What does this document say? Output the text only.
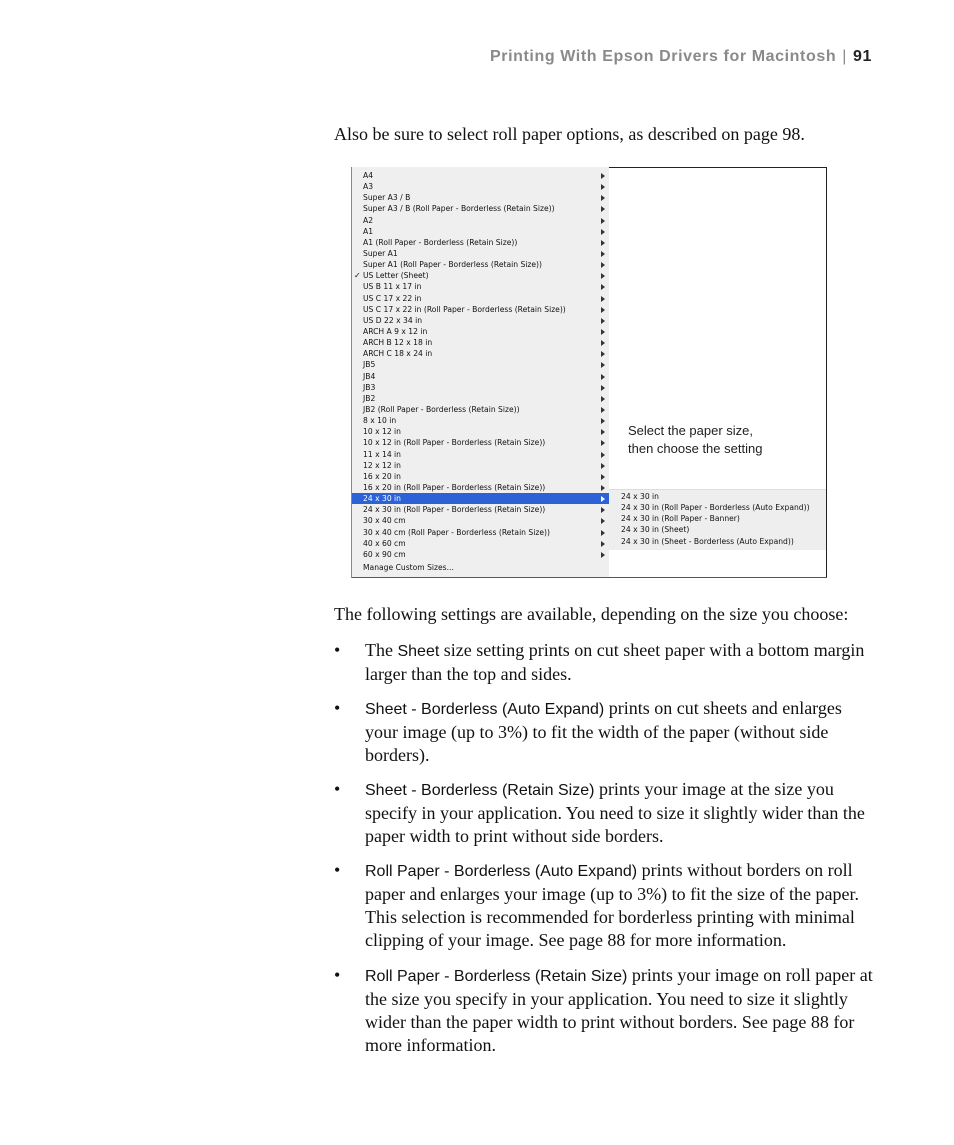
Printing With Epson Drivers for Macintosh | 91

Also be sure to select roll paper options, as described on page 98.

A4
A3
Super A3 / B
Super A3 / B (Roll Paper - Borderless (Retain Size))
A2
A1
A1 (Roll Paper - Borderless (Retain Size))
Super A1
Super A1 (Roll Paper - Borderless (Retain Size))
✓ US Letter (Sheet)
US B 11 x 17 in
US C 17 x 22 in
US C 17 x 22 in (Roll Paper - Borderless (Retain Size))
US D 22 x 34 in
ARCH A 9 x 12 in
ARCH B 12 x 18 in
ARCH C 18 x 24 in
JB5
JB4
JB3
JB2
JB2 (Roll Paper - Borderless (Retain Size))
8 x 10 in
10 x 12 in
10 x 12 in (Roll Paper - Borderless (Retain Size))
11 x 14 in
12 x 12 in
16 x 20 in
16 x 20 in (Roll Paper - Borderless (Retain Size))
24 x 30 in
24 x 30 in (Roll Paper - Borderless (Retain Size))
30 x 40 cm
30 x 40 cm (Roll Paper - Borderless (Retain Size))
40 x 60 cm
60 x 90 cm
Manage Custom Sizes...
24 x 30 in
24 x 30 in (Roll Paper - Borderless (Auto Expand))
24 x 30 in (Roll Paper - Banner)
24 x 30 in (Sheet)
24 x 30 in (Sheet - Borderless (Auto Expand))
Select the paper size,
then choose the setting

The following settings are available, depending on the size you choose:

• The Sheet size setting prints on cut sheet paper with a bottom margin larger than the top and sides.
• Sheet - Borderless (Auto Expand) prints on cut sheets and enlarges your image (up to 3%) to fit the width of the paper (without side borders).
• Sheet - Borderless (Retain Size) prints your image at the size you specify in your application. You need to size it slightly wider than the paper width to print without side borders.
• Roll Paper - Borderless (Auto Expand) prints without borders on roll paper and enlarges your image (up to 3%) to fit the size of the paper. This selection is recommended for borderless printing with minimal clipping of your image. See page 88 for more information.
• Roll Paper - Borderless (Retain Size) prints your image on roll paper at the size you specify in your application. You need to size it slightly wider than the paper width to print without borders. See page 88 for more information.
